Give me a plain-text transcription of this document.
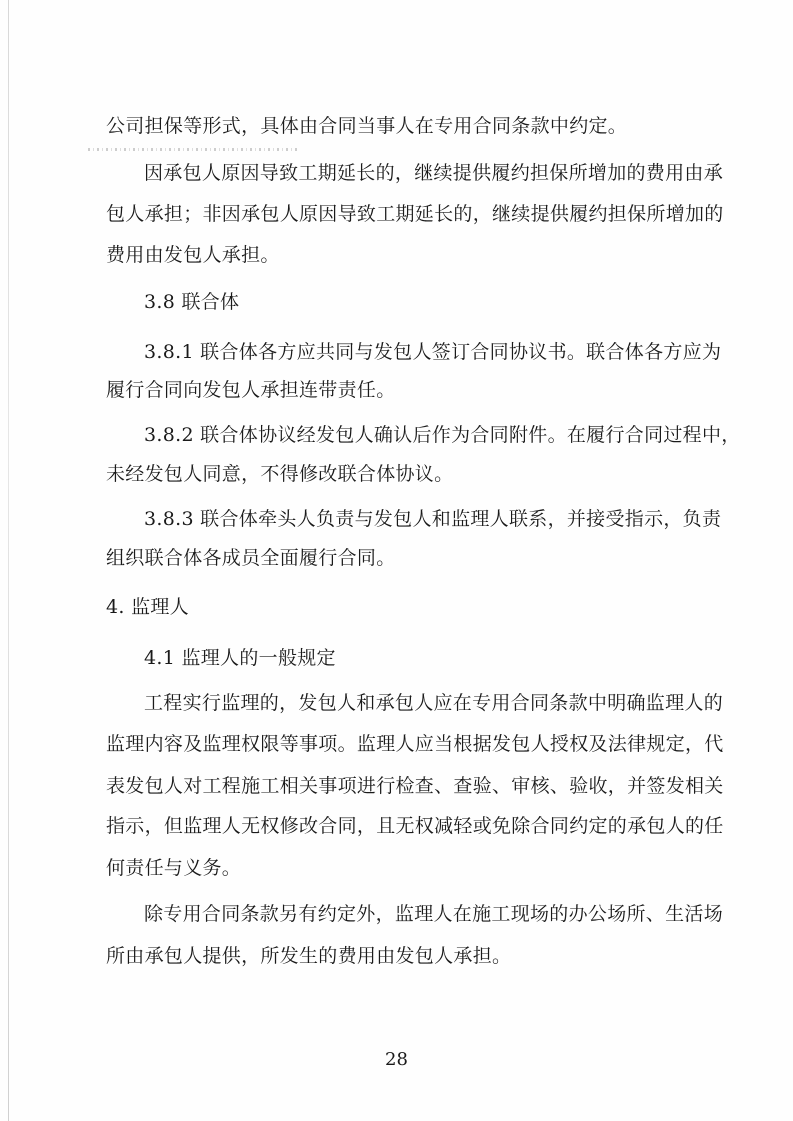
公司担保等形式，具体由合同当事人在专用合同条款中约定。
因承包人原因导致工期延长的，继续提供履约担保所增加的费用由承
包人承担；非因承包人原因导致工期延长的，继续提供履约担保所增加的
费用由发包人承担。
3.8 联合体
3.8.1 联合体各方应共同与发包人签订合同协议书。联合体各方应为
履行合同向发包人承担连带责任。
3.8.2 联合体协议经发包人确认后作为合同附件。在履行合同过程中，
未经发包人同意，不得修改联合体协议。
3.8.3 联合体牵头人负责与发包人和监理人联系，并接受指示，负责
组织联合体各成员全面履行合同。
4. 监理人
4.1 监理人的一般规定
工程实行监理的，发包人和承包人应在专用合同条款中明确监理人的
监理内容及监理权限等事项。监理人应当根据发包人授权及法律规定，代
表发包人对工程施工相关事项进行检查、查验、审核、验收，并签发相关
指示，但监理人无权修改合同，且无权减轻或免除合同约定的承包人的任
何责任与义务。
除专用合同条款另有约定外，监理人在施工现场的办公场所、生活场
所由承包人提供，所发生的费用由发包人承担。
28
